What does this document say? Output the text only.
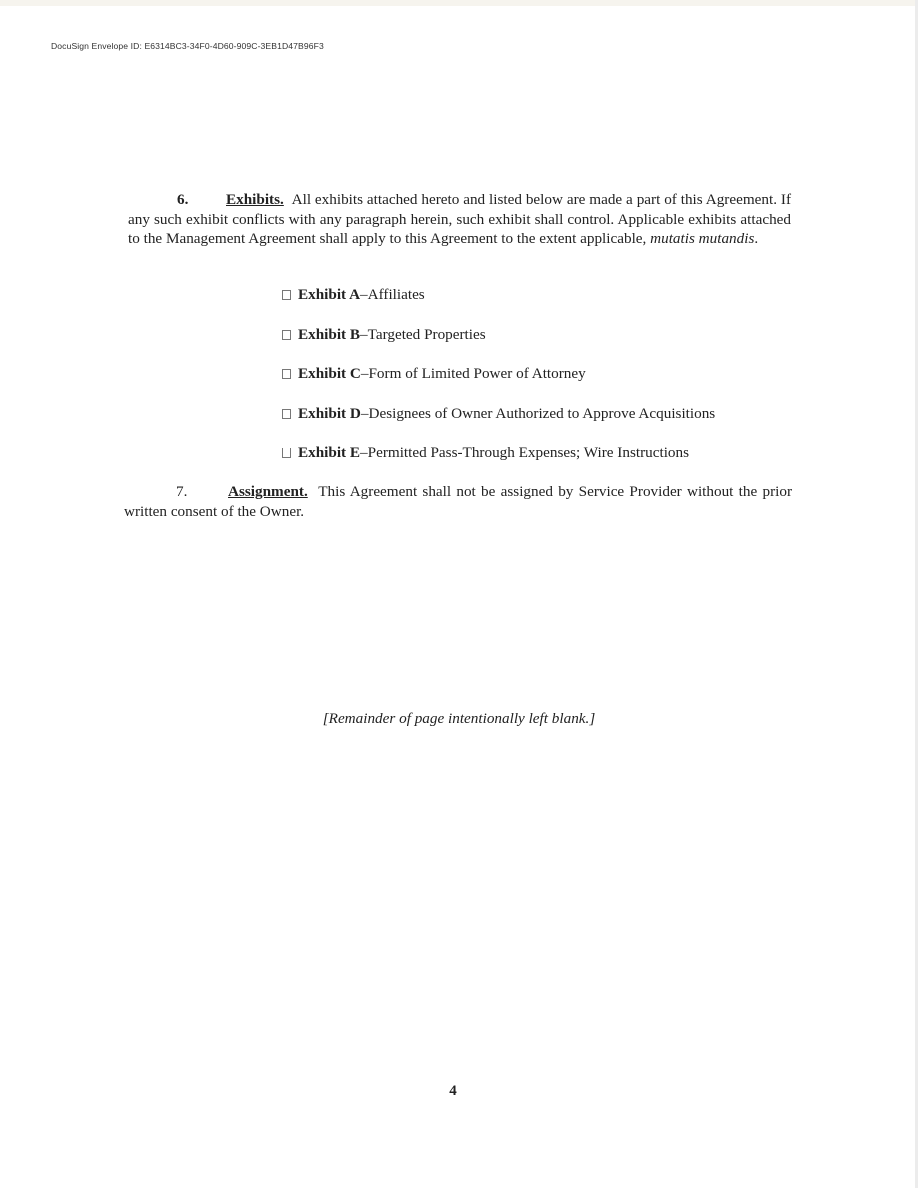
DocuSign Envelope ID: E6314BC3-34F0-4D60-909C-3EB1D47B96F3

6. Exhibits. All exhibits attached hereto and listed below are made a part of this Agreement. If any such exhibit conflicts with any paragraph herein, such exhibit shall control. Applicable exhibits attached to the Management Agreement shall apply to this Agreement to the extent applicable, mutatis mutandis.

Exhibit A – Affiliates
Exhibit B – Targeted Properties
Exhibit C – Form of Limited Power of Attorney
Exhibit D – Designees of Owner Authorized to Approve Acquisitions
Exhibit E – Permitted Pass-Through Expenses; Wire Instructions

7.	Assignment. This Agreement shall not be assigned by Service Provider without the prior written consent of the Owner.

[Remainder of page intentionally left blank.]
4
